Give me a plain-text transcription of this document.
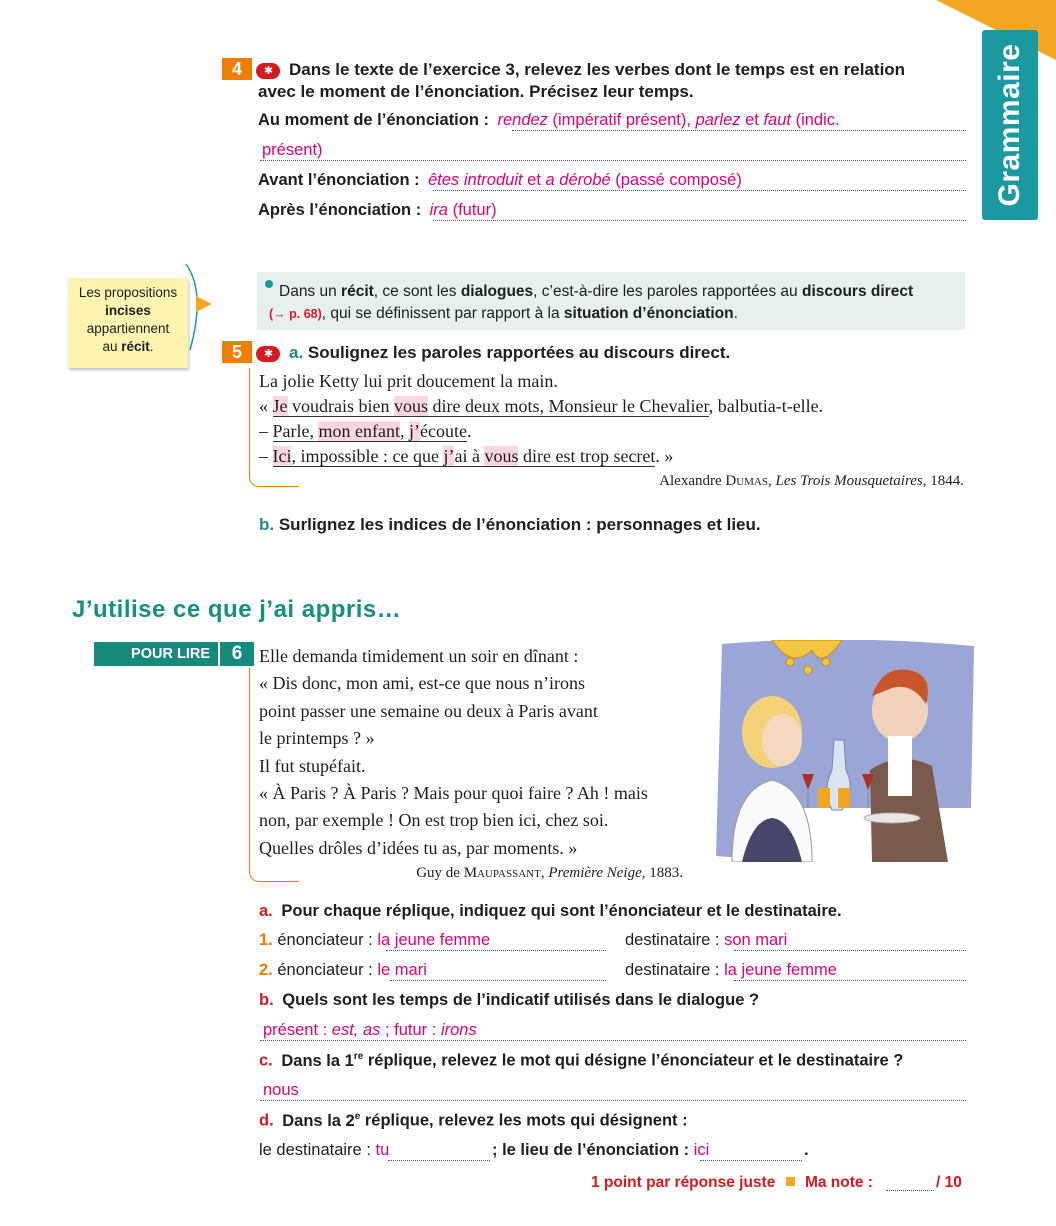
Grammaire
4 ✱ Dans le texte de l’exercice 3, relevez les verbes dont le temps est en relation
avec le moment de l’énonciation. Précisez leur temps.
Au moment de l’énonciation : rendez (impératif présent), parlez et faut (indic.
présent)
Avant l’énonciation : êtes introduit et a dérobé (passé composé)
Après l’énonciation : ira (futur)
Les propositions
incises
appartiennent
au récit.
Dans un récit, ce sont les dialogues, c’est-à-dire les paroles rapportées au discours direct
(→ p. 68), qui se définissent par rapport à la situation d’énonciation.
5 ✱ a. Soulignez les paroles rapportées au discours direct.
La jolie Ketty lui prit doucement la main.
« Je voudrais bien vous dire deux mots, Monsieur le Chevalier, balbutia-t-elle.
– Parle, mon enfant, j’écoute.
– Ici, impossible : ce que j’ai à vous dire est trop secret. »
Alexandre Dumas, Les Trois Mousquetaires, 1844.
b. Surlignez les indices de l’énonciation : personnages et lieu.
J’utilise ce que j’ai appris…
POUR LIRE	6 Elle demanda timidement un soir en dînant :
« Dis donc, mon ami, est-ce que nous n’irons
point passer une semaine ou deux à Paris avant
le printemps ? »
Il fut stupéfait.
« À Paris ? À Paris ? Mais pour quoi faire ? Ah ! mais
non, par exemple ! On est trop bien ici, chez soi.
Quelles drôles d’idées tu as, par moments. »
Guy de Maupassant, Première Neige, 1883.
a. Pour chaque réplique, indiquez qui sont l’énonciateur et le destinataire.
1. énonciateur : la jeune femme	destinataire : son mari
2. énonciateur : le mari	destinataire : la jeune femme
b. Quels sont les temps de l’indicatif utilisés dans le dialogue ?
présent : est, as ; futur : irons
c. Dans la 1re réplique, relevez le mot qui désigne l’énonciateur et le destinataire ?
nous
d. Dans la 2e réplique, relevez les mots qui désignent :
le destinataire : tu	; le lieu de l’énonciation : ici	.
1 point par réponse juste Ma note :	/ 10
